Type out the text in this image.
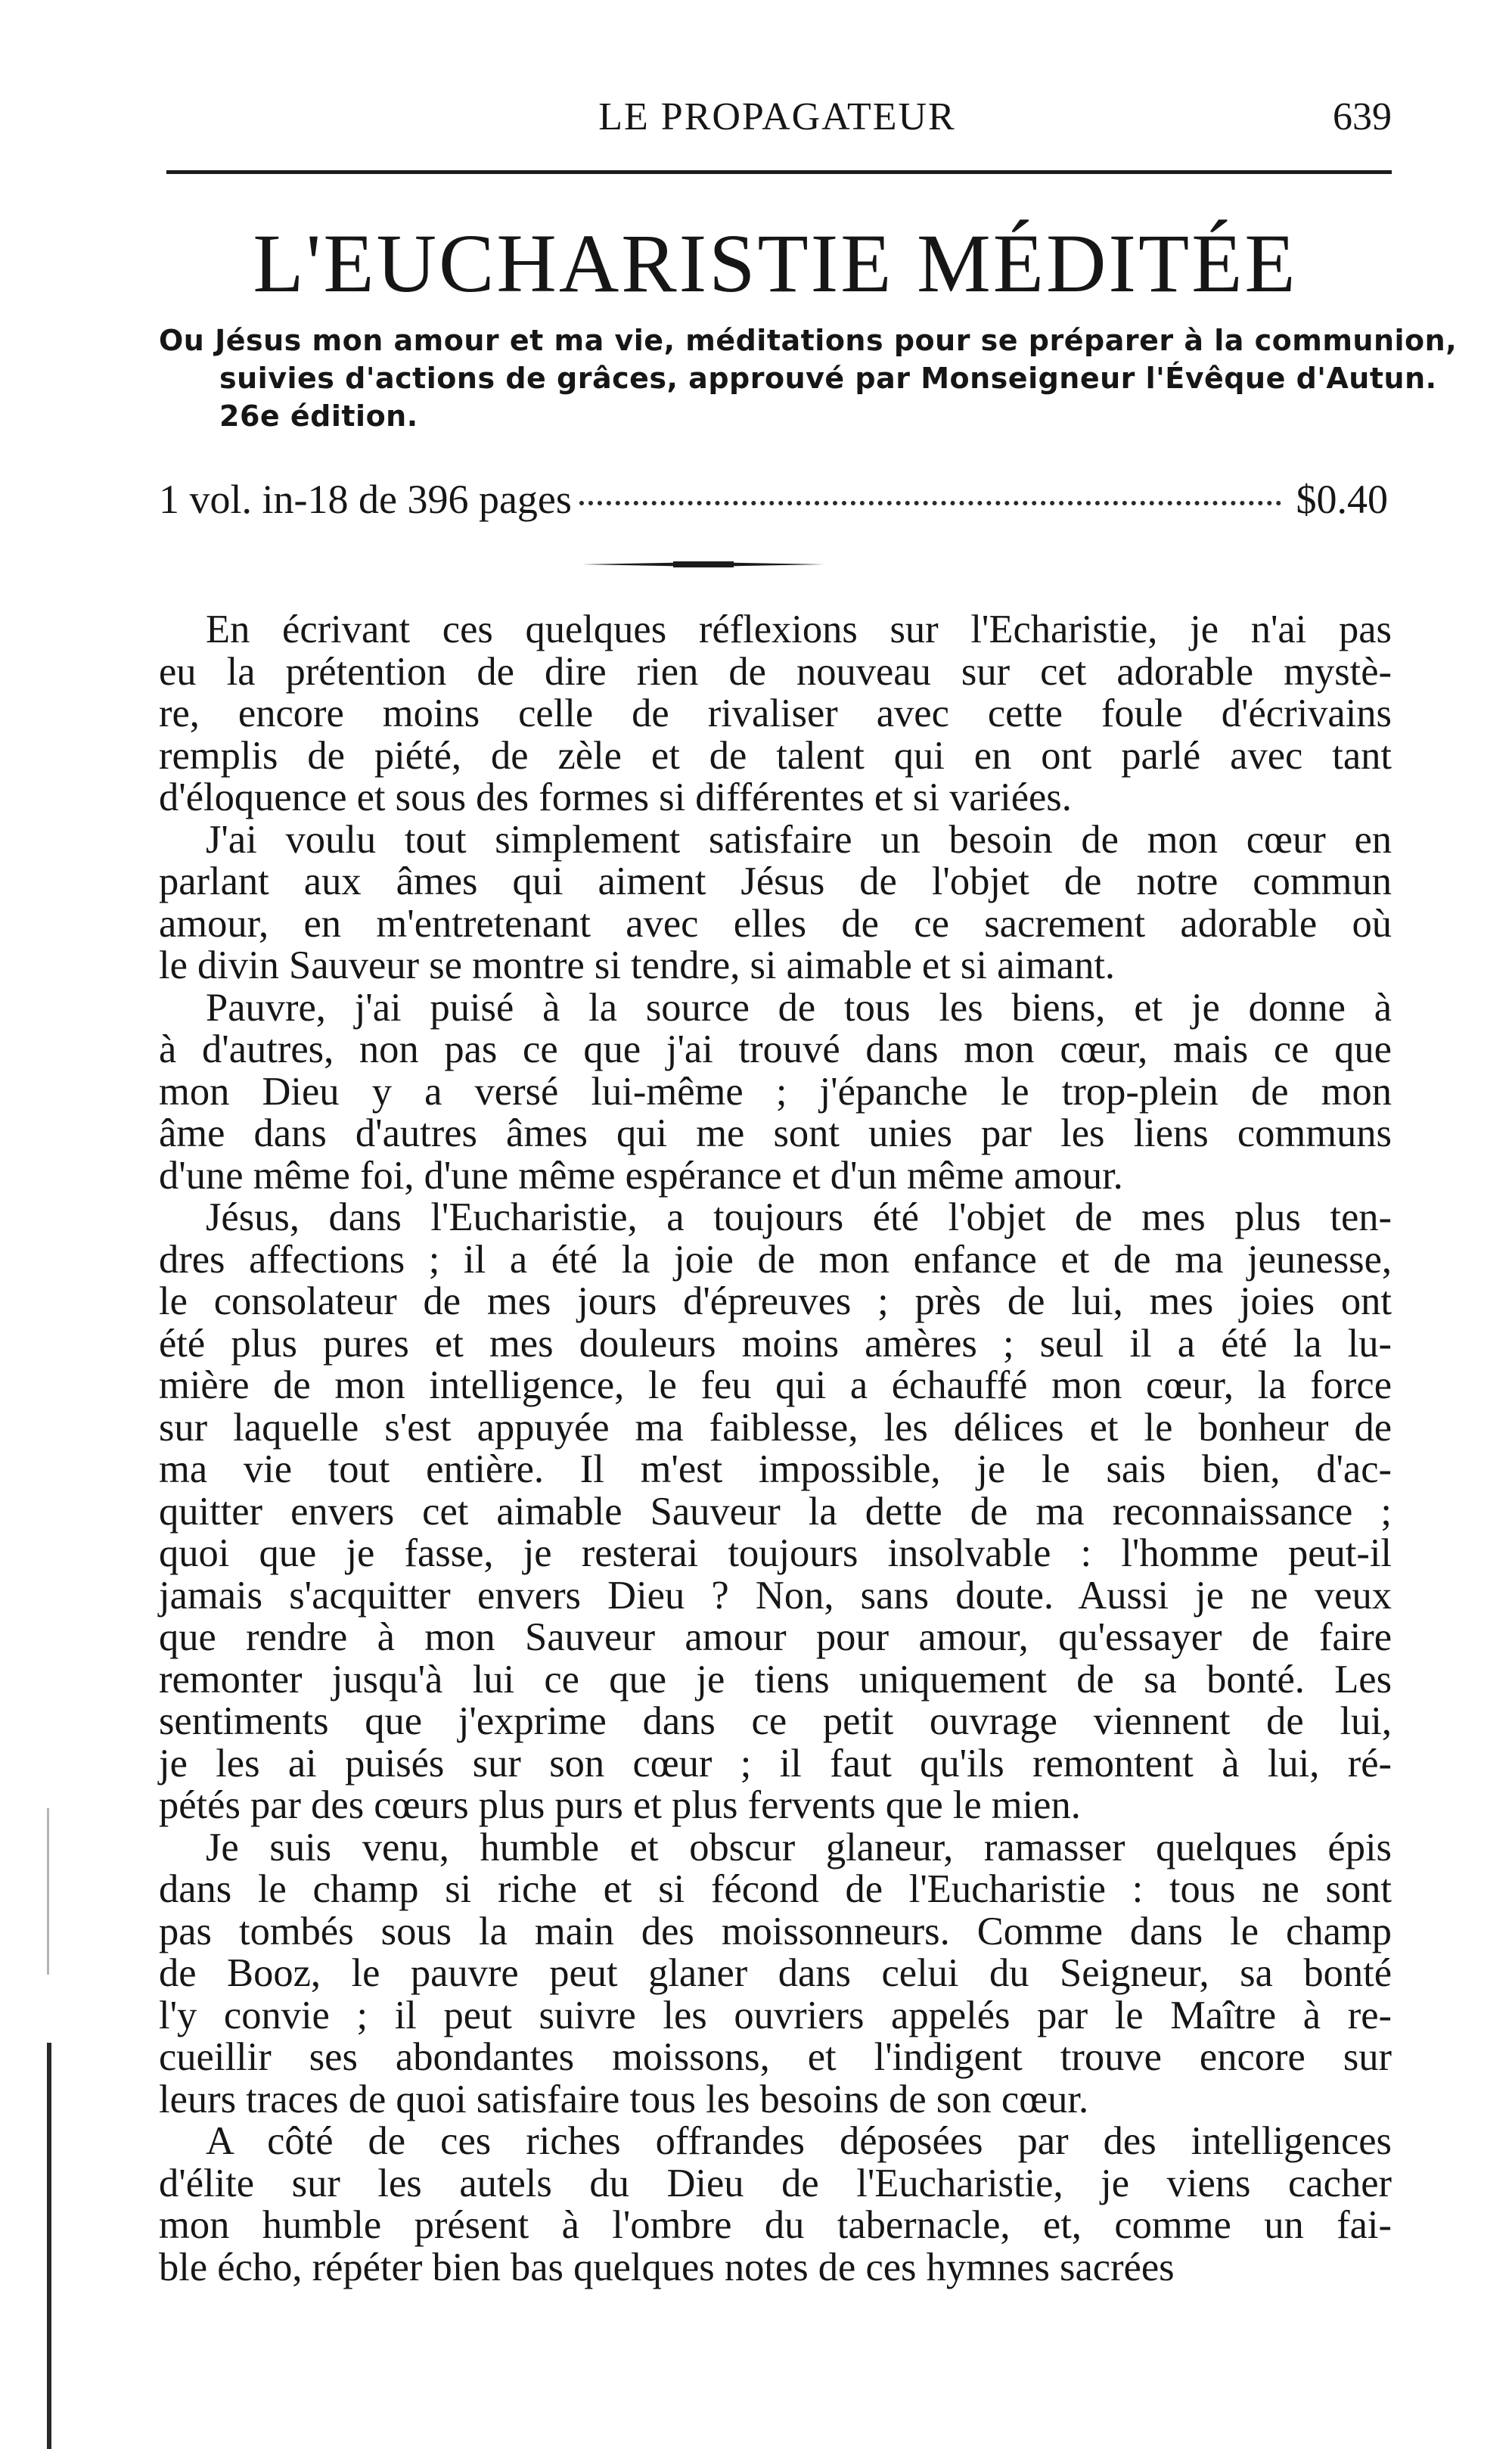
LE PROPAGATEUR	639
L'EUCHARISTIE MÉDITÉE
Ou Jésus mon amour et ma vie, méditations pour se préparer à la communion,
suivies d'actions de grâces, approuvé par Monseigneur l'Évêque d'Autun.
26e édition.
1 vol. in-18 de 396 pages	$0.40
En écrivant ces quelques réflexions sur l'Echaristie, je n'ai pas
eu la prétention de dire rien de nouveau sur cet adorable mystè-
re, encore moins celle de rivaliser avec cette foule d'écrivains
remplis de piété, de zèle et de talent qui en ont parlé avec tant
d'éloquence et sous des formes si différentes et si variées.
J'ai voulu tout simplement satisfaire un besoin de mon cœur en
parlant aux âmes qui aiment Jésus de l'objet de notre commun
amour, en m'entretenant avec elles de ce sacrement adorable où
le divin Sauveur se montre si tendre, si aimable et si aimant.
Pauvre, j'ai puisé à la source de tous les biens, et je donne à
à d'autres, non pas ce que j'ai trouvé dans mon cœur, mais ce que
mon Dieu y a versé lui-même ; j'épanche le trop-plein de mon
âme dans d'autres âmes qui me sont unies par les liens communs
d'une même foi, d'une même espérance et d'un même amour.
Jésus, dans l'Eucharistie, a toujours été l'objet de mes plus ten-
dres affections ; il a été la joie de mon enfance et de ma jeunesse,
le consolateur de mes jours d'épreuves ; près de lui, mes joies ont
été plus pures et mes douleurs moins amères ; seul il a été la lu-
mière de mon intelligence, le feu qui a échauffé mon cœur, la force
sur laquelle s'est appuyée ma faiblesse, les délices et le bonheur de
ma vie tout entière. Il m'est impossible, je le sais bien, d'ac-
quitter envers cet aimable Sauveur la dette de ma reconnaissance ;
quoi que je fasse, je resterai toujours insolvable : l'homme peut-il
jamais s'acquitter envers Dieu ? Non, sans doute. Aussi je ne veux
que rendre à mon Sauveur amour pour amour, qu'essayer de faire
remonter jusqu'à lui ce que je tiens uniquement de sa bonté. Les
sentiments que j'exprime dans ce petit ouvrage viennent de lui,
je les ai puisés sur son cœur ; il faut qu'ils remontent à lui, ré-
pétés par des cœurs plus purs et plus fervents que le mien.
Je suis venu, humble et obscur glaneur, ramasser quelques épis
dans le champ si riche et si fécond de l'Eucharistie : tous ne sont
pas tombés sous la main des moissonneurs. Comme dans le champ
de Booz, le pauvre peut glaner dans celui du Seigneur, sa bonté
l'y convie ; il peut suivre les ouvriers appelés par le Maître à re-
cueillir ses abondantes moissons, et l'indigent trouve encore sur
leurs traces de quoi satisfaire tous les besoins de son cœur.
A côté de ces riches offrandes déposées par des intelligences
d'élite sur les autels du Dieu de l'Eucharistie, je viens cacher
mon humble présent à l'ombre du tabernacle, et, comme un fai-
ble écho, répéter bien bas quelques notes de ces hymnes sacrées
